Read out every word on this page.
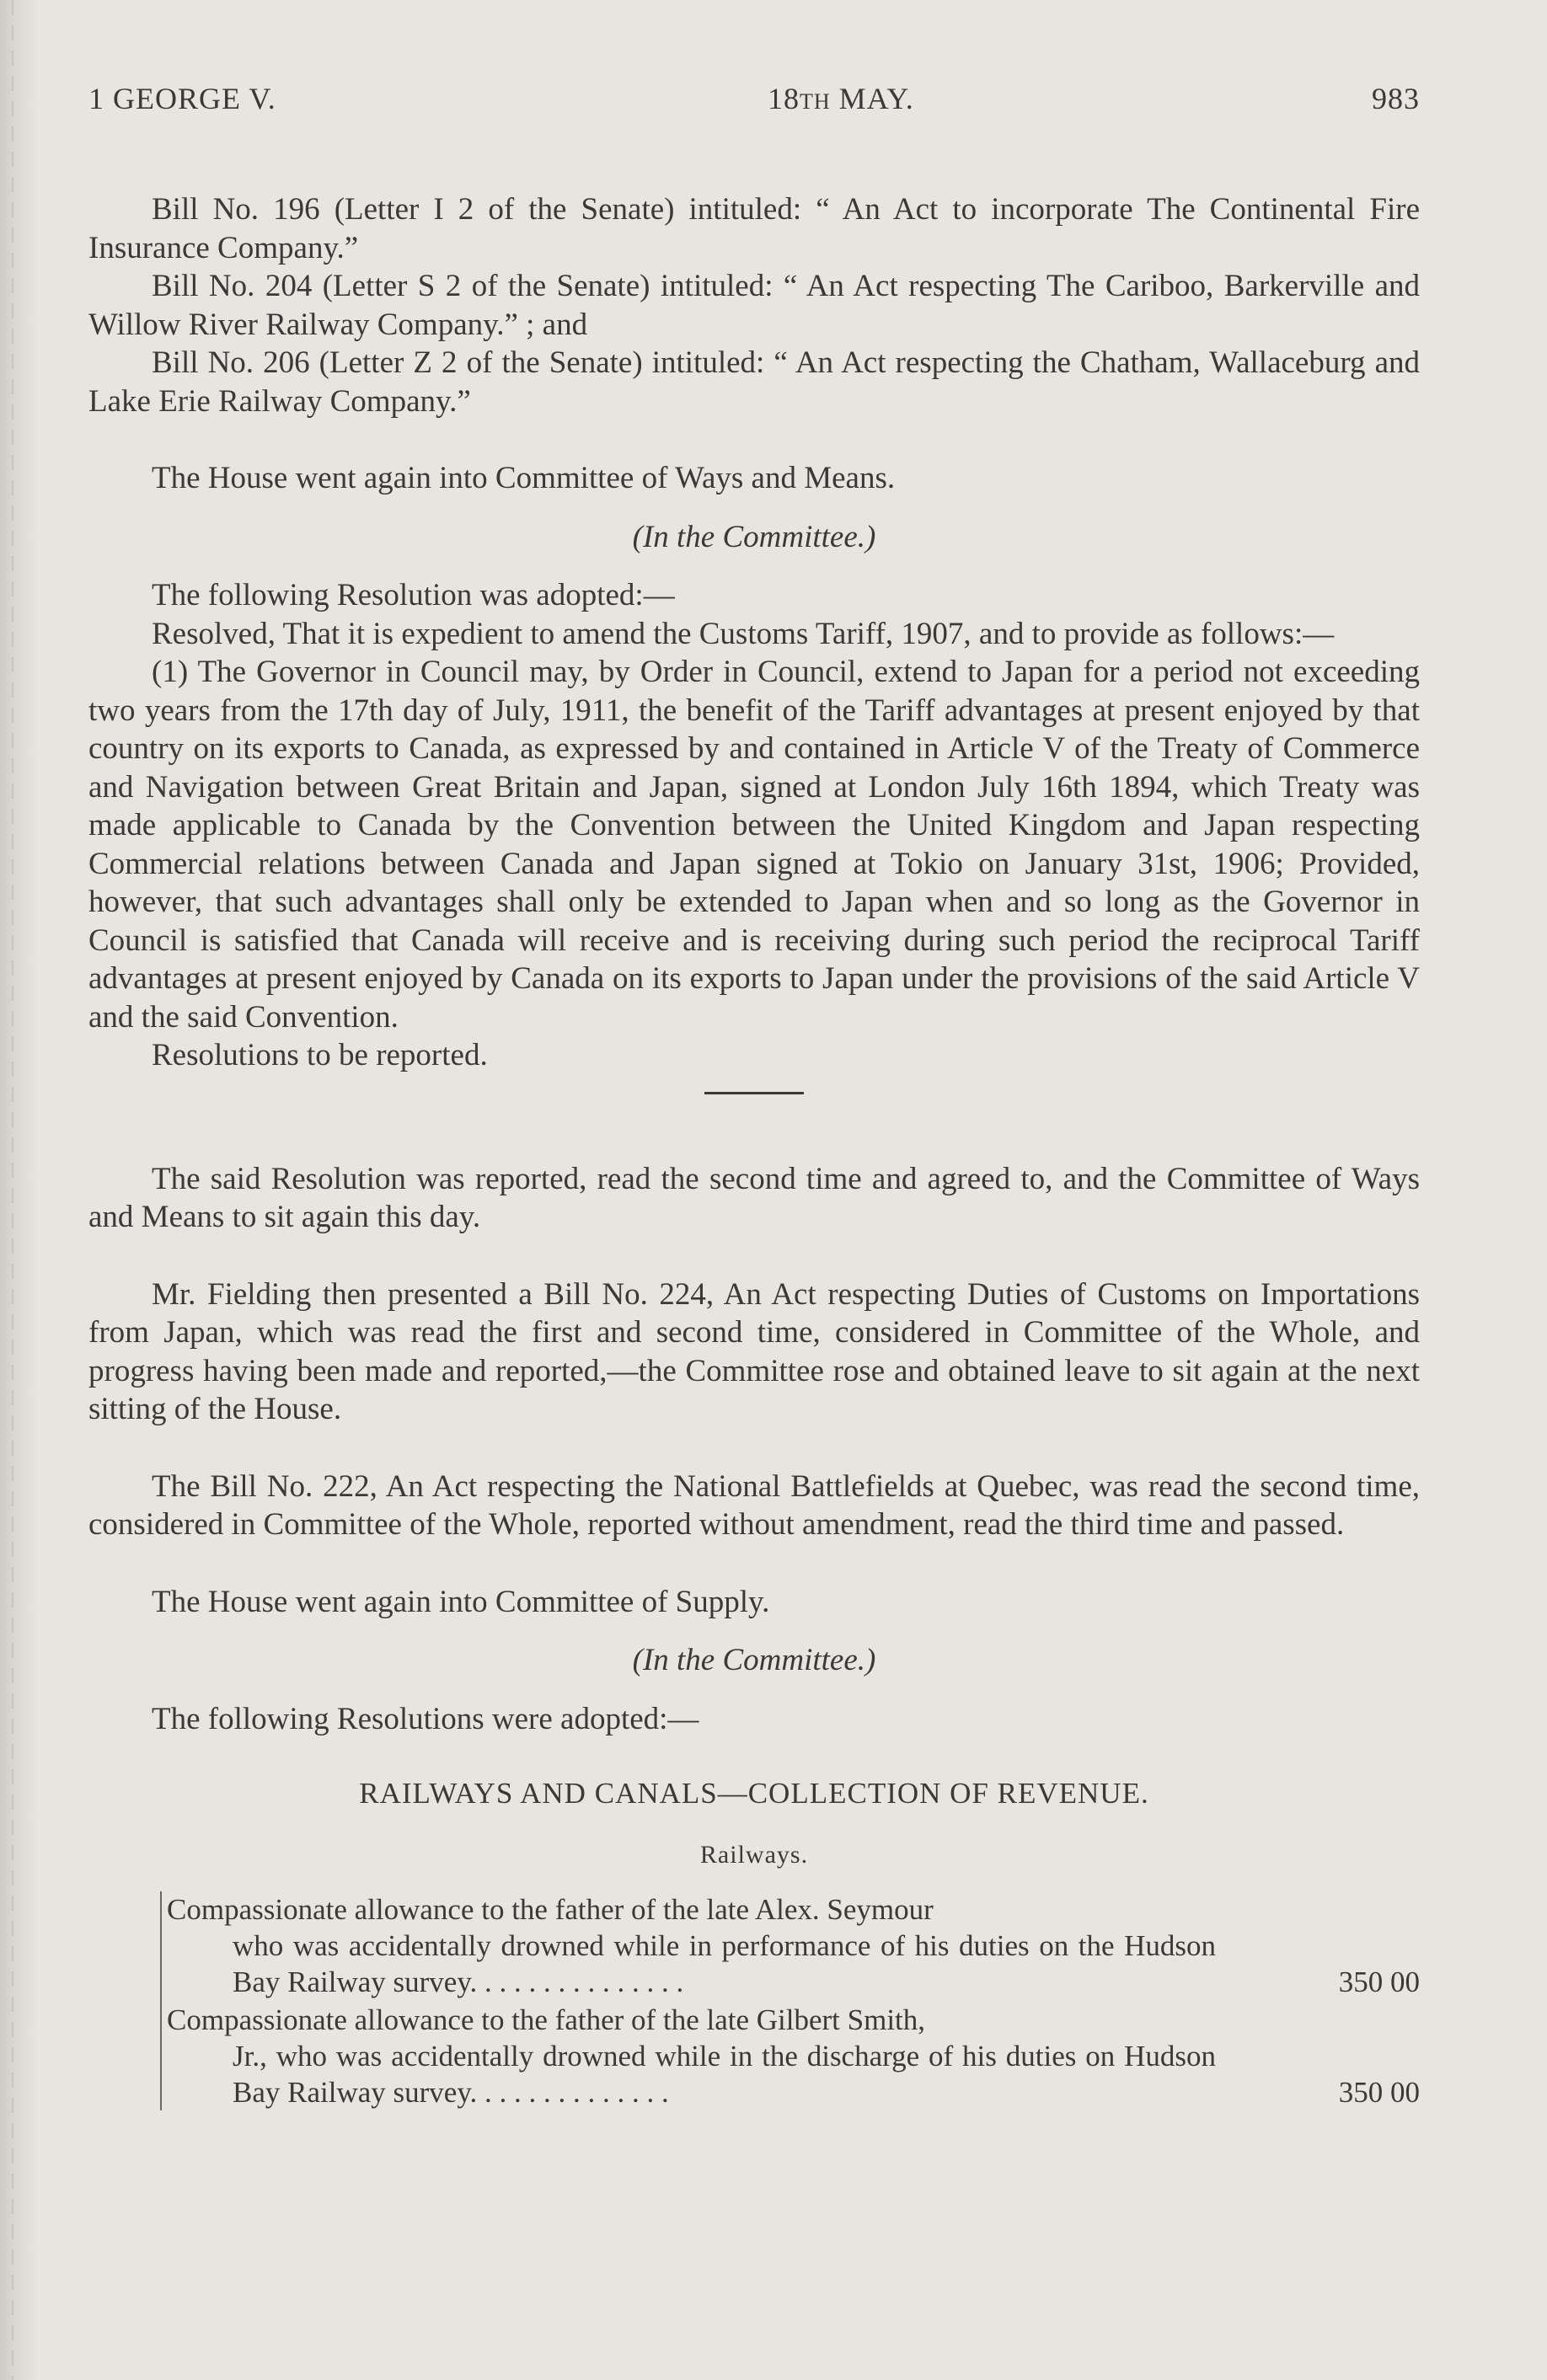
1 GEORGE V.	18TH MAY.	983

Bill No. 196 (Letter I 2 of the Senate) intituled: “ An Act to incorporate The Continental Fire Insurance Company.”

Bill No. 204 (Letter S 2 of the Senate) intituled: “ An Act respecting The Cariboo, Barkerville and Willow River Railway Company.” ; and

Bill No. 206 (Letter Z 2 of the Senate) intituled: “ An Act respecting the Chatham, Wallaceburg and Lake Erie Railway Company.”

The House went again into Committee of Ways and Means.

(In the Committee.)

The following Resolution was adopted:—

Resolved, That it is expedient to amend the Customs Tariff, 1907, and to provide as follows:—

(1) The Governor in Council may, by Order in Council, extend to Japan for a period not exceeding two years from the 17th day of July, 1911, the benefit of the Tariff advantages at present enjoyed by that country on its exports to Canada, as expressed by and contained in Article V of the Treaty of Commerce and Navigation between Great Britain and Japan, signed at London July 16th 1894, which Treaty was made applicable to Canada by the Convention between the United Kingdom and Japan respecting Commercial relations between Canada and Japan signed at Tokio on January 31st, 1906; Provided, however, that such advantages shall only be extended to Japan when and so long as the Governor in Council is satisfied that Canada will receive and is receiving during such period the reciprocal Tariff advantages at present enjoyed by Canada on its exports to Japan under the provisions of the said Article V and the said Convention.

Resolutions to be reported.

The said Resolution was reported, read the second time and agreed to, and the Committee of Ways and Means to sit again this day.

Mr. Fielding then presented a Bill No. 224, An Act respecting Duties of Customs on Importations from Japan, which was read the first and second time, considered in Committee of the Whole, and progress having been made and reported,—the Committee rose and obtained leave to sit again at the next sitting of the House.

The Bill No. 222, An Act respecting the National Battlefields at Quebec, was read the second time, considered in Committee of the Whole, reported without amendment, read the third time and passed.

The House went again into Committee of Supply.

(In the Committee.)

The following Resolutions were adopted:—

RAILWAYS AND CANALS—COLLECTION OF REVENUE.
Railways.
Compassionate allowance to the father of the late Alex. Seymour
who was accidentally drowned while in performance of his duties on the Hudson Bay Railway survey. . . . . . . . . . . . . . .	350 00
Compassionate allowance to the father of the late Gilbert Smith,
Jr., who was accidentally drowned while in the discharge of his duties on Hudson Bay Railway survey. . . . . . . . . . . . . .	350 00
